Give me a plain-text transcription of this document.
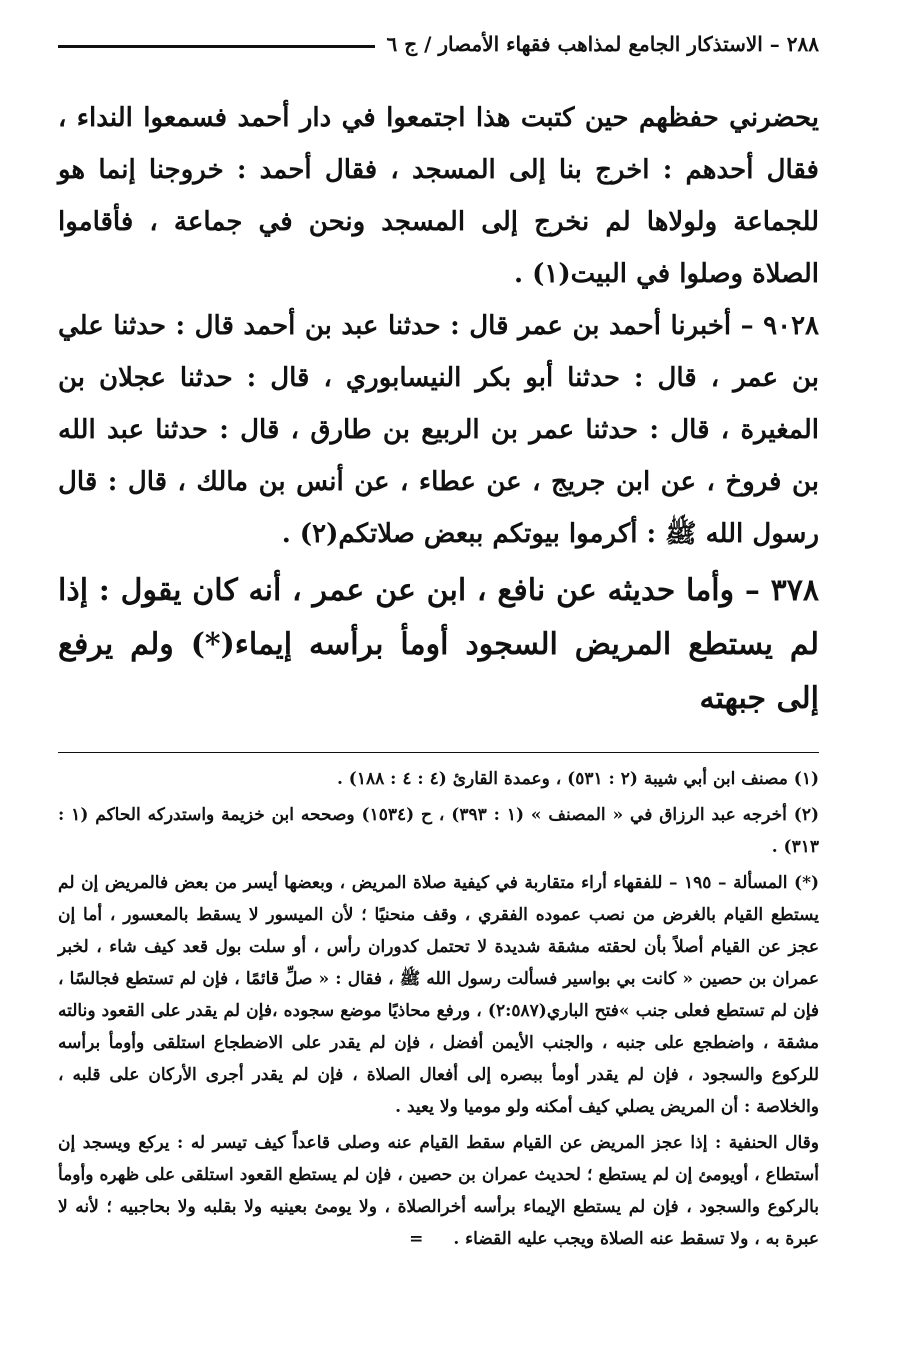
٢٨٨ – الاستذكار الجامع لمذاهب فقهاء الأمصار / ج ٦

يحضرني حفظهم حين كتبت هذا اجتمعوا في دار أحمد فسمعوا النداء ، فقال أحدهم : اخرج بنا إلى المسجد ، فقال أحمد : خروجنا إنما هو للجماعة ولولاها لم نخرج إلى المسجد ونحن في جماعة ، فأقاموا الصلاة وصلوا في البيت(١) .

٩٠٢٨ – أخبرنا أحمد بن عمر قال : حدثنا عبد بن أحمد قال : حدثنا علي بن عمر ، قال : حدثنا أبو بكر النيسابوري ، قال : حدثنا عجلان بن المغيرة ، قال : حدثنا عمر بن الربيع بن طارق ، قال : حدثنا عبد الله بن فروخ ، عن ابن جريج ، عن عطاء ، عن أنس بن مالك ، قال : قال رسول الله ﷺ : أكرموا بيوتكم ببعض صلاتكم(٢) .

٣٧٨ – وأما حديثه عن نافع ، ابن عن عمر ، أنه كان يقول : إذا لم يستطع المريض السجود أومأ برأسه إيماء(*) ولم يرفع إلى جبهته

(١) مصنف ابن أبي شيبة (٢ : ٥٣١) ، وعمدة القارئ (٤ : ٤ : ١٨٨) .

(٢) أخرجه عبد الرزاق في « المصنف » (١ : ٣٩٣) ، ح (١٥٣٤) وصححه ابن خزيمة واستدركه الحاكم (١ : ٣١٣) .

(*) المسألة – ١٩٥ – للفقهاء أراء متقاربة في كيفية صلاة المريض ، وبعضها أيسر من بعض فالمريض إن لم يستطع القيام بالغرض من نصب عموده الفقري ، وقف منحنيًا ؛ لأن الميسور لا يسقط بالمعسور ، أما إن عجز عن القيام أصلاً بأن لحقته مشقة شديدة لا تحتمل كدوران رأس ، أو سلت بول قعد كيف شاء ، لخبر عمران بن حصين « كانت بي بواسير فسألت رسول الله ﷺ ، فقال : « صلِّ قائمًا ، فإن لم تستطع فجالسًا ، فإن لم تستطع فعلى جنب »فتح الباري(٢:٥٨٧) ، ورفع محاذيًا موضع سجوده ،فإن لم يقدر على القعود ونالته مشقة ، واضطجع على جنبه ، والجنب الأيمن أفضل ، فإن لم يقدر على الاضطجاع استلقى وأومأ برأسه للركوع والسجود ، فإن لم يقدر أومأ ببصره إلى أفعال الصلاة ، فإن لم يقدر أجرى الأركان على قلبه ، والخلاصة : أن المريض يصلي كيف أمكنه ولو موميا ولا يعيد .

وقال الحنفية : إذا عجز المريض عن القيام سقط القيام عنه وصلى قاعداً كيف تيسر له : يركع ويسجد إن أستطاع ، أويومئ إن لم يستطع ؛ لحديث عمران بن حصين ، فإن لم يستطع القعود استلقى على ظهره وأومأ بالركوع والسجود ، فإن لم يستطع الإيماء برأسه أخرالصلاة ، ولا يومئ بعينيه ولا بقلبه ولا بحاجبيه ؛ لأنه لا عبرة به ، ولا تسقط عنه الصلاة ويجب عليه القضاء . =
